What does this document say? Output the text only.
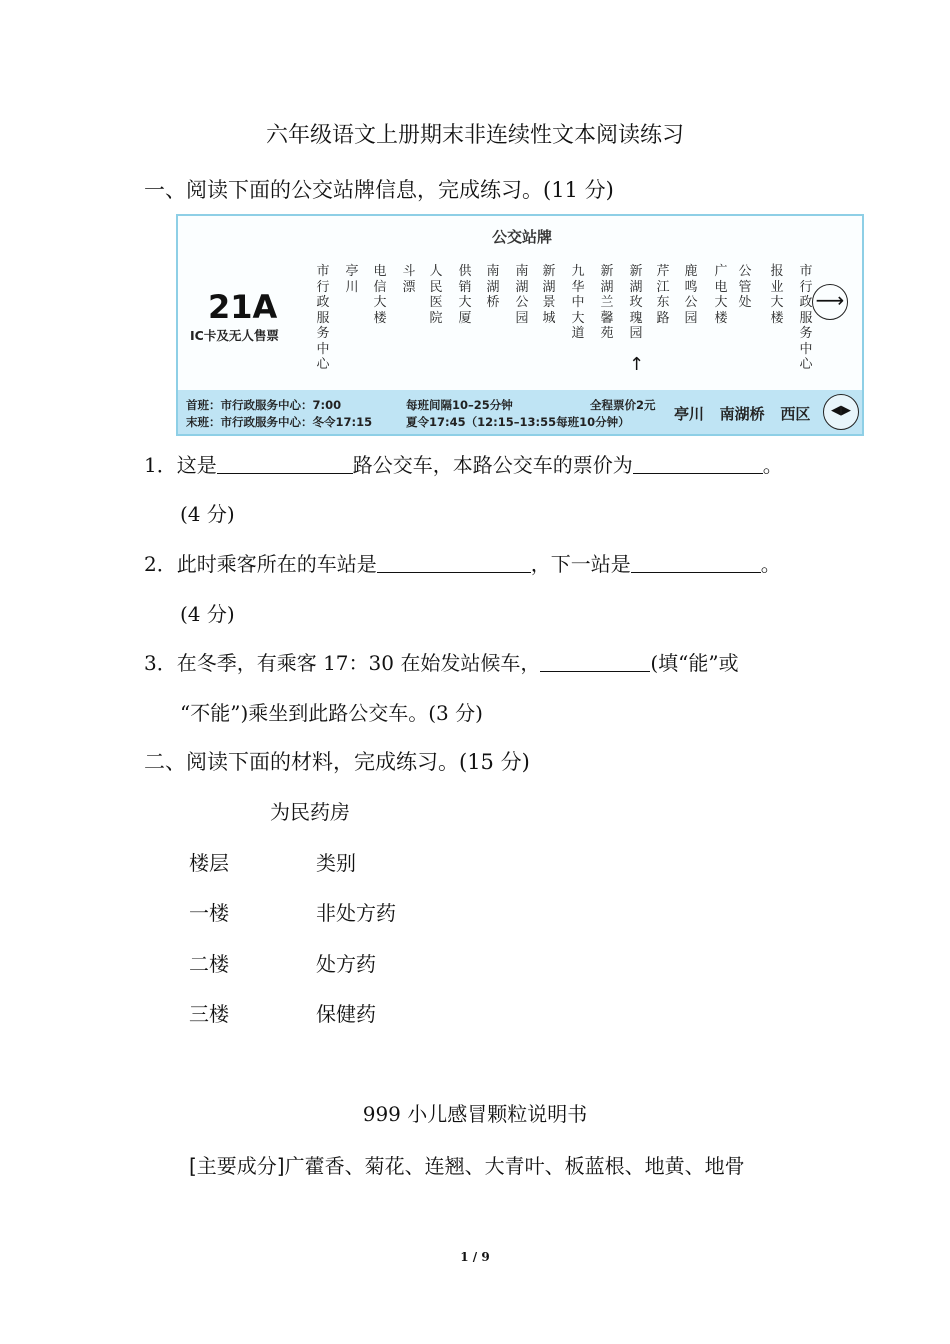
六年级语文上册期末非连续性文本阅读练习
一、阅读下面的公交站牌信息，完成练习。(11 分)
公交站牌
21A
IC卡及无人售票
市行政服务中心
亭川
电信大楼
斗漂
人民医院
供销大厦
南湖桥
南湖公园
新湖景城
九华中大道
新湖兰馨苑
新湖玫瑰园
芹江东路
鹿鸣公园
广电大楼
公管处
报业大楼
市行政服务中心
↑
⟶
首班：市行政服务中心：7:00
末班：市行政服务中心：冬令17:15
每班间隔10–25分钟
夏令17:45（12:15–13:55每班10分钟）
全程票价2元 亭川   南湖桥   西区	◀▶
1．这是	路公交车，本路公交车的票价为	。
(4 分)
2．此时乘客所在的车站是	，下一站是	。
(4 分)
3．在冬季，有乘客 17：30 在始发站候车，	(填“能”或
“不能”)乘坐到此路公交车。(3 分)
二、阅读下面的材料，完成练习。(15 分)
为民药房
楼层	类别
一楼	非处方药
二楼	处方药
三楼	保健药
999 小儿感冒颗粒说明书
[主要成分]广藿香、菊花、连翘、大青叶、板蓝根、地黄、地骨
1 / 9
